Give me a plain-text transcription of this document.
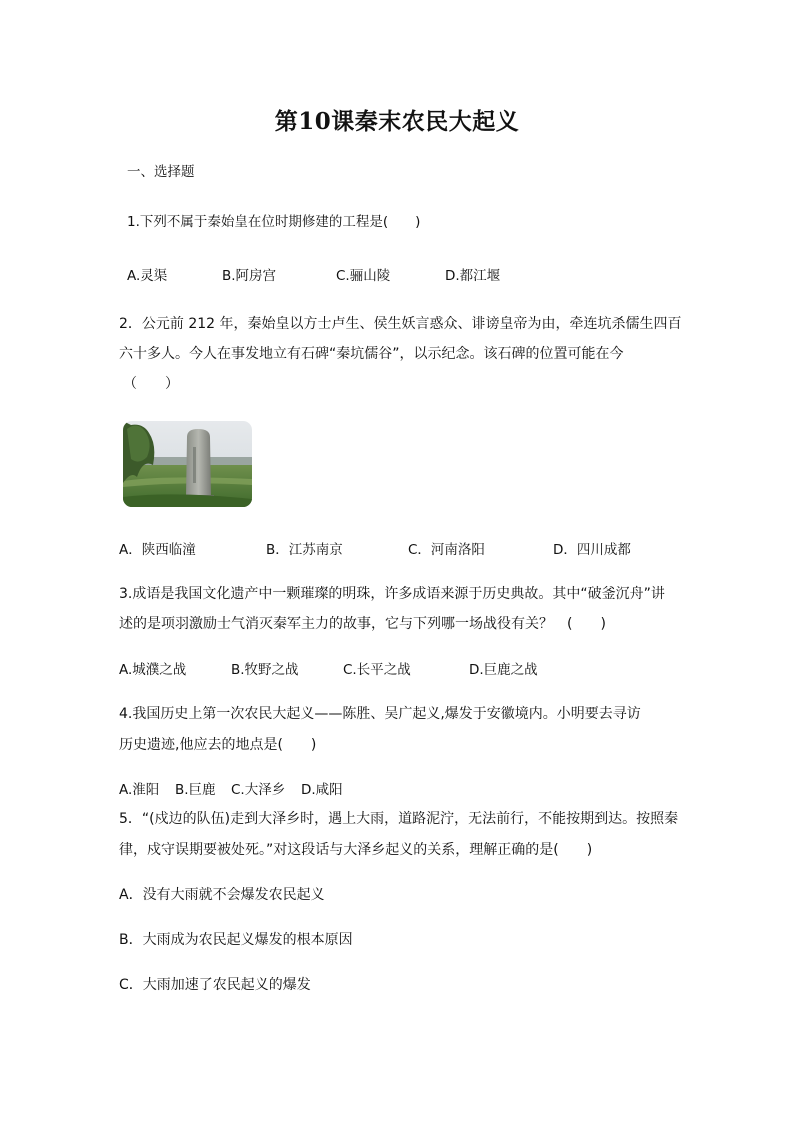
第10课秦末农民大起义
一、选择题
1.下列不属于秦始皇在位时期修建的工程是(　　)
A.灵渠	B.阿房宫	C.骊山陵	D.都江堰
2．公元前 212 年，秦始皇以方士卢生、侯生妖言惑众、诽谤皇帝为由，牵连坑杀儒生四百
六十多人。今人在事发地立有石碑“秦坑儒谷”，以示纪念。该石碑的位置可能在今
（　　）
A．陕西临潼	B．江苏南京	C．河南洛阳	D．四川成都
3.成语是我国文化遗产中一颗璀璨的明珠，许多成语来源于历史典故。其中“破釜沉舟”讲
述的是项羽激励士气消灭秦军主力的故事，它与下列哪一场战役有关？　(　　)
A.城濮之战	B.牧野之战	C.长平之战	D.巨鹿之战
4.我国历史上第一次农民大起义——陈胜、吴广起义,爆发于安徽境内。小明要去寻访
历史遗迹,他应去的地点是(　　)
A.淮阳 B.巨鹿 C.大泽乡 D.咸阳
5．“(戍边的队伍)走到大泽乡时，遇上大雨，道路泥泞，无法前行，不能按期到达。按照秦
律，戍守误期要被处死。”对这段话与大泽乡起义的关系，理解正确的是(　　)
A．没有大雨就不会爆发农民起义
B．大雨成为农民起义爆发的根本原因
C．大雨加速了农民起义的爆发
